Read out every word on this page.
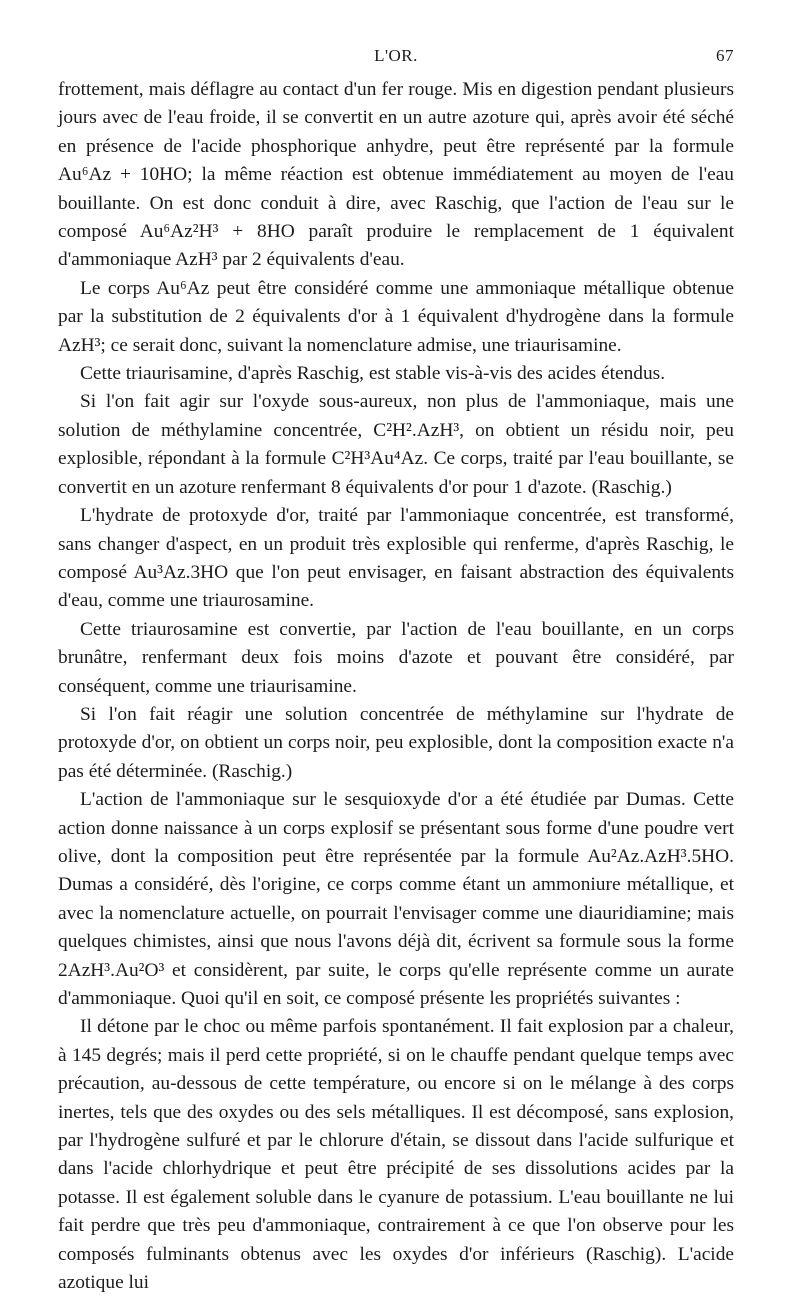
L'OR.	67

frottement, mais déflagre au contact d'un fer rouge. Mis en digestion pendant plusieurs jours avec de l'eau froide, il se convertit en un autre azoture qui, après avoir été séché en présence de l'acide phosphorique anhydre, peut être représenté par la formule Au⁶Az + 10HO; la même réaction est obtenue immédiatement au moyen de l'eau bouillante. On est donc conduit à dire, avec Raschig, que l'action de l'eau sur le composé Au⁶Az²H³ + 8HO paraît produire le remplacement de 1 équivalent d'ammoniaque AzH³ par 2 équivalents d'eau.

Le corps Au⁶Az peut être considéré comme une ammoniaque métallique obtenue par la substitution de 2 équivalents d'or à 1 équivalent d'hydrogène dans la formule AzH³; ce serait donc, suivant la nomenclature admise, une triaurisamine.

Cette triaurisamine, d'après Raschig, est stable vis-à-vis des acides étendus.

Si l'on fait agir sur l'oxyde sous-aureux, non plus de l'ammoniaque, mais une solution de méthylamine concentrée, C²H².AzH³, on obtient un résidu noir, peu explosible, répondant à la formule C²H³Au⁴Az. Ce corps, traité par l'eau bouillante, se convertit en un azoture renfermant 8 équivalents d'or pour 1 d'azote. (Raschig.)

L'hydrate de protoxyde d'or, traité par l'ammoniaque concentrée, est transformé, sans changer d'aspect, en un produit très explosible qui renferme, d'après Raschig, le composé Au³Az.3HO que l'on peut envisager, en faisant abstraction des équivalents d'eau, comme une triaurosamine.

Cette triaurosamine est convertie, par l'action de l'eau bouillante, en un corps brunâtre, renfermant deux fois moins d'azote et pouvant être considéré, par conséquent, comme une triaurisamine.

Si l'on fait réagir une solution concentrée de méthylamine sur l'hydrate de protoxyde d'or, on obtient un corps noir, peu explosible, dont la composition exacte n'a pas été déterminée. (Raschig.)

L'action de l'ammoniaque sur le sesquioxyde d'or a été étudiée par Dumas. Cette action donne naissance à un corps explosif se présentant sous forme d'une poudre vert olive, dont la composition peut être représentée par la formule Au²Az.AzH³.5HO. Dumas a considéré, dès l'origine, ce corps comme étant un ammoniure métallique, et avec la nomenclature actuelle, on pourrait l'envisager comme une diauridiamine; mais quelques chimistes, ainsi que nous l'avons déjà dit, écrivent sa formule sous la forme 2AzH³.Au²O³ et considèrent, par suite, le corps qu'elle représente comme un aurate d'ammoniaque. Quoi qu'il en soit, ce composé présente les propriétés suivantes :

Il détone par le choc ou même parfois spontanément. Il fait explosion par a chaleur, à 145 degrés; mais il perd cette propriété, si on le chauffe pendant quelque temps avec précaution, au-dessous de cette température, ou encore si on le mélange à des corps inertes, tels que des oxydes ou des sels métalliques. Il est décomposé, sans explosion, par l'hydrogène sulfuré et par le chlorure d'étain, se dissout dans l'acide sulfurique et dans l'acide chlorhydrique et peut être précipité de ses dissolutions acides par la potasse. Il est également soluble dans le cyanure de potassium. L'eau bouillante ne lui fait perdre que très peu d'ammoniaque, contrairement à ce que l'on observe pour les composés fulminants obtenus avec les oxydes d'or inférieurs (Raschig). L'acide azotique lui
